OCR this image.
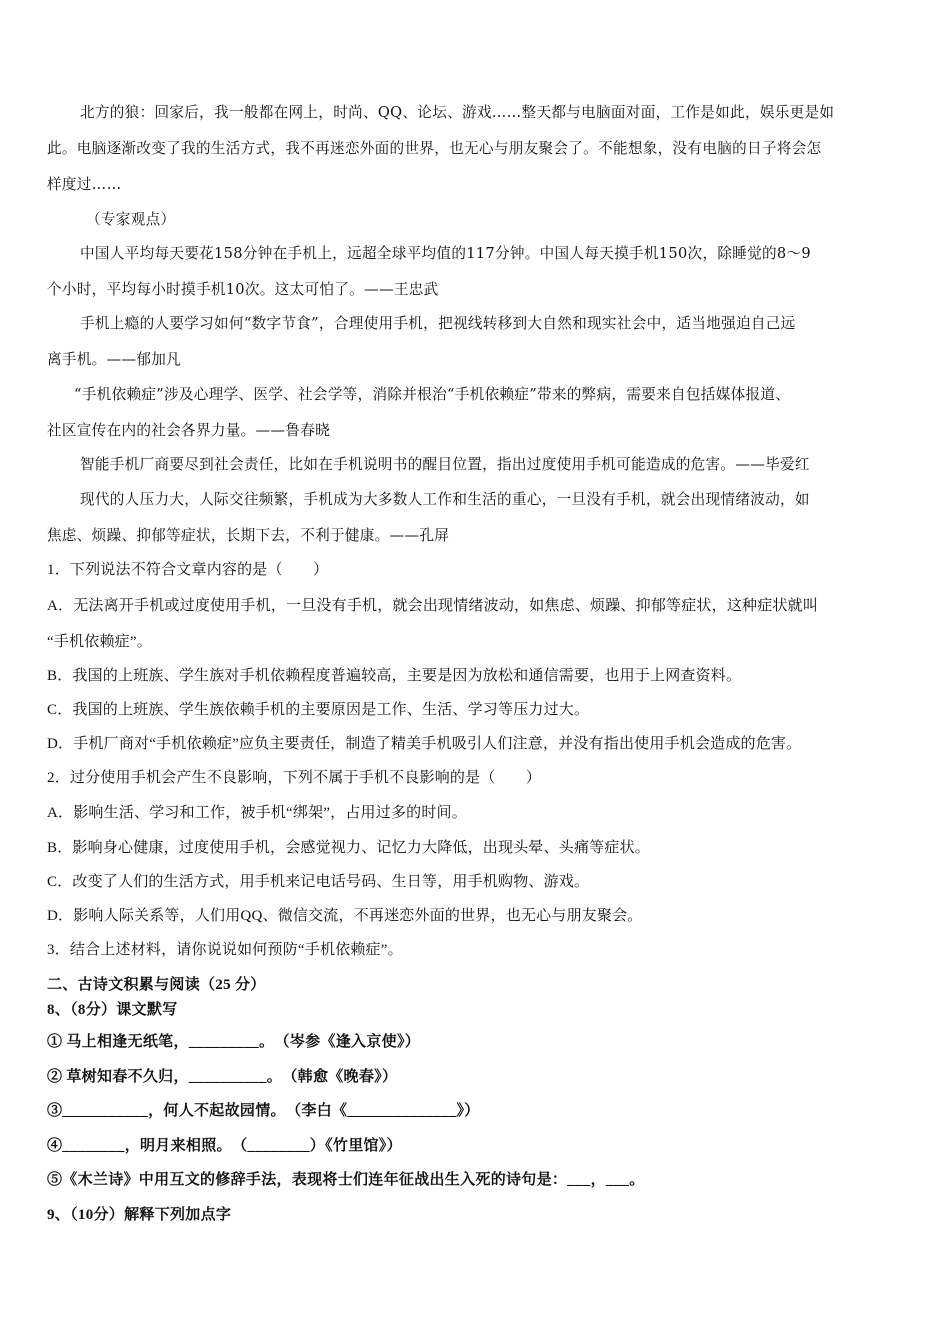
北方的狼：回家后，我一般都在网上，时尚、QQ、论坛、游戏……整天都与电脑面对面，工作是如此，娱乐更是如
此。电脑逐渐改变了我的生活方式，我不再迷恋外面的世界，也无心与朋友聚会了。不能想象，没有电脑的日子将会怎
样度过……
（专家观点）
中国人平均每天要花158分钟在手机上，远超全球平均值的117分钟。中国人每天摸手机150次，除睡觉的8～9
个小时，平均每小时摸手机10次。这太可怕了。——王忠武
手机上瘾的人要学习如何“数字节食”，合理使用手机，把视线转移到大自然和现实社会中，适当地强迫自己远
离手机。——郁加凡
“手机依赖症”涉及心理学、医学、社会学等，消除并根治“手机依赖症”带来的弊病，需要来自包括媒体报道、
社区宣传在内的社会各界力量。——鲁春晓
智能手机厂商要尽到社会责任，比如在手机说明书的醒目位置，指出过度使用手机可能造成的危害。——毕爱红
现代的人压力大，人际交往频繁，手机成为大多数人工作和生活的重心，一旦没有手机，就会出现情绪波动，如
焦虑、烦躁、抑郁等症状，长期下去，不利于健康。——孔屏
1．下列说法不符合文章内容的是（　　）
A．无法离开手机或过度使用手机，一旦没有手机，就会出现情绪波动，如焦虑、烦躁、抑郁等症状，这种症状就叫
“手机依赖症”。
B．我国的上班族、学生族对手机依赖程度普遍较高，主要是因为放松和通信需要，也用于上网查资料。
C．我国的上班族、学生族依赖手机的主要原因是工作、生活、学习等压力过大。
D．手机厂商对“手机依赖症”应负主要责任，制造了精美手机吸引人们注意，并没有指出使用手机会造成的危害。
2．过分使用手机会产生不良影响，下列不属于手机不良影响的是（　　）
A．影响生活、学习和工作，被手机“绑架”，占用过多的时间。
B．影响身心健康，过度使用手机，会感觉视力、记忆力大降低，出现头晕、头痛等症状。
C．改变了人们的生活方式，用手机来记电话号码、生日等，用手机购物、游戏。
D．影响人际关系等，人们用QQ、微信交流，不再迷恋外面的世界，也无心与朋友聚会。
3．结合上述材料，请你说说如何预防“手机依赖症”。
二、古诗文积累与阅读（25 分）
8、（8分）课文默写
① 马上相逢无纸笔，_________。　（岑参《逢入京使》）
② 草树知春不久归，__________。　（韩愈《晚春》）
③___________，何人不起故园情。　（李白《______________》）
④________，明月来相照。　（________）《竹里馆》）
⑤《木兰诗》中用互文的修辞手法，表现将士们连年征战出生入死的诗句是：___，___。
9、（10分）解释下列加点字
